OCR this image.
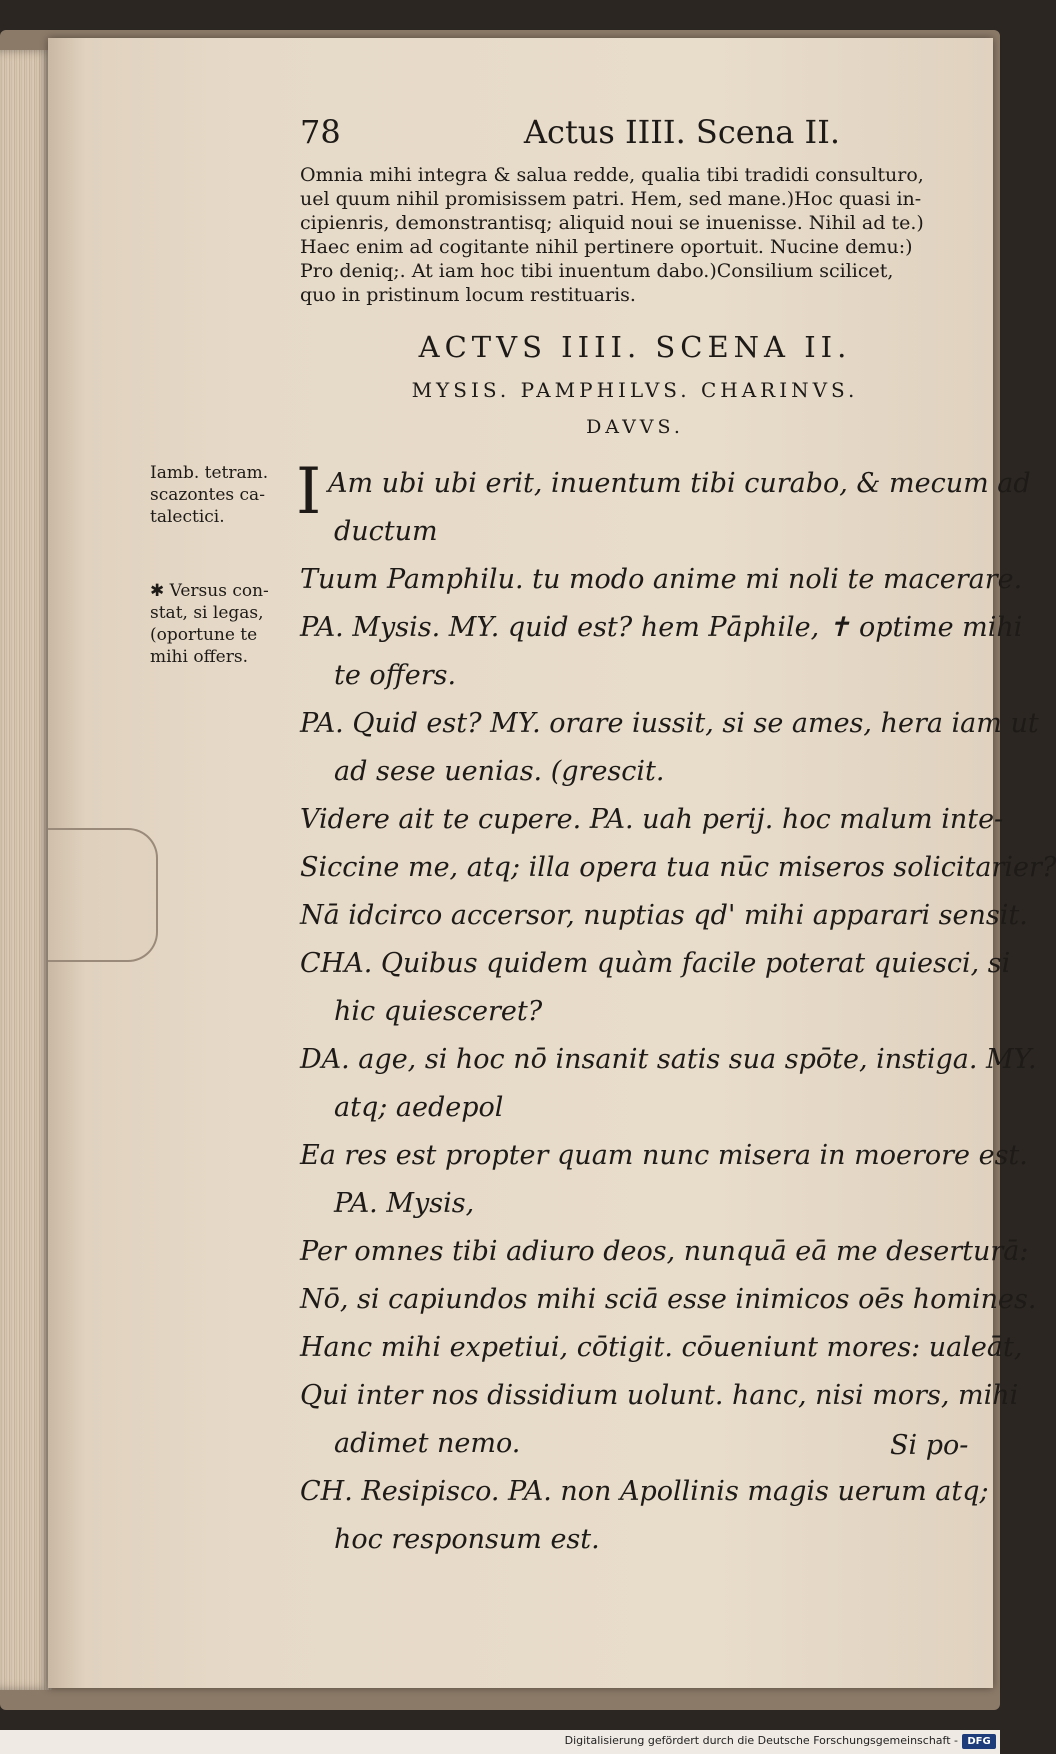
78	Actus IIII. Scena II.
Omnia mihi integra & salua redde, qualia tibi tradidi consulturo,
uel quum nihil promisissem patri. Hem, sed mane.)Hoc quasi in-
cipienris, demonstrantisq; aliquid noui se inuenisse. Nihil ad te.)
Haec enim ad cogitante nihil pertinere oportuit. Nucine demu:)
Pro deniq;. At iam hoc tibi inuentum dabo.)Consilium scilicet,
quo in pristinum locum restituaris.
ACTVS IIII. SCENA II.
MYSIS. PAMPHILVS. CHARINVS.
DAVVS.
Iamb. tetram.
scazontes ca-
talectici.
✱ Versus con-
stat, si legas,
(oportune te
mihi offers.
Am ubi ubi erit, inuentum tibi curabo, & mecum ad
ductum
Tuum Pamphilu. tu modo anime mi noli te macerare.
PA. Mysis. MY. quid est? hem Pāphile, ✝ optime mihi
te offers.
PA. Quid est? MY. orare iussit, si se ames, hera iam ut
ad sese uenias. (grescit.
Videre ait te cupere. PA. uah perij. hoc malum inte-
Siccine me, atq; illa opera tua nūc miseros solicitarier?
Nā idcirco accersor, nuptias qd' mihi apparari sensit.
CHA. Quibus quidem quàm facile poterat quiesci, si
hic quiesceret?
DA. age, si hoc nō insanit satis sua spōte, instiga. MY.
atq; aedepol
Ea res est propter quam nunc misera in moerore est.
PA. Mysis,
Per omnes tibi adiuro deos, nunquā eā me deserturā:
Nō, si capiundos mihi sciā esse inimicos oēs homines.
Hanc mihi expetiui, cōtigit. cōueniunt mores: ualeāt,
Qui inter nos dissidium uolunt. hanc, nisi mors, mihi
adimet nemo.
CH. Resipisco. PA. non Apollinis magis uerum atq;
hoc responsum est.
I
Si po-
Digitalisierung gefördert durch die Deutsche Forschungsgemeinschaft - DFG
